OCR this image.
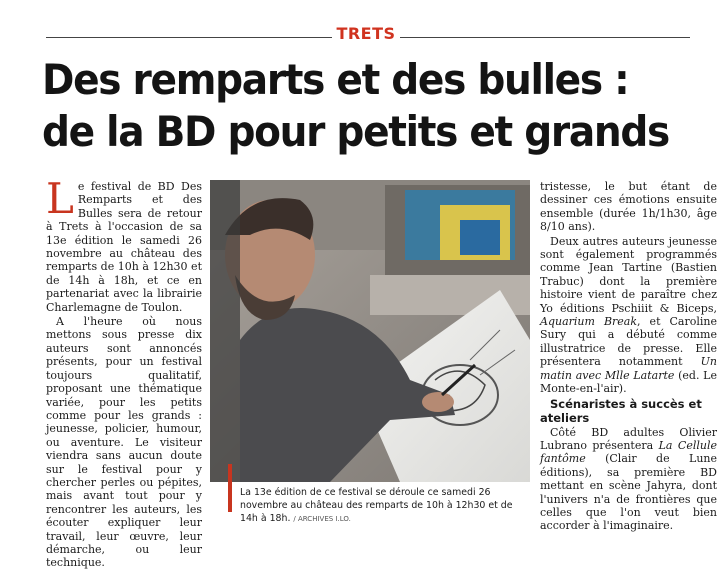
TRETS
Des remparts et des bulles :
de la BD pour petits et grands

Le festival de BD Des Remparts et des Bulles sera de retour à Trets à l'occasion de sa 13e édition le samedi 26 novembre au château des remparts de 10h à 12h30 et de 14h à 18h, et ce en partenariat avec la librairie Charlemagne de Toulon.

A l'heure où nous mettons sous presse dix auteurs sont annoncés présents, pour un festival toujours qualitatif, proposant une thématique variée, pour les petits comme pour les grands : jeunesse, policier, humour, ou aventure. Le visiteur viendra sans aucun doute sur le festival pour y chercher perles ou pépites, mais avant tout pour y rencontrer les auteurs, les écouter expliquer leur travail, leur œuvre, leur démarche, ou leur technique.

La 13e édition de ce festival se déroule ce samedi 26 novembre au château des remparts de 10h à 12h30 et de 14h à 18h. / ARCHIVES I.LO.

tristesse, le but étant de dessiner ces émotions ensuite ensemble (durée 1h/1h30, âge 8/10 ans).

Deux autres auteurs jeunesse sont également programmés comme Jean Tartine (Bastien Trabuc) dont la première histoire vient de paraître chez Yo éditions Pschiiit & Biceps, Aquarium Break, et Caroline Sury qui a débuté comme illustratrice de presse. Elle présentera notamment Un matin avec Mlle Latarte (ed. Le Monte-en-l'air).

Scénaristes à succès et ateliers

Côté BD adultes Olivier Lubrano présentera La Cellule fantôme (Clair de Lune éditions), sa première BD mettant en scène Jahyra, dont l'univers n'a de frontières que celles que l'on veut bien accorder à l'imaginaire.
